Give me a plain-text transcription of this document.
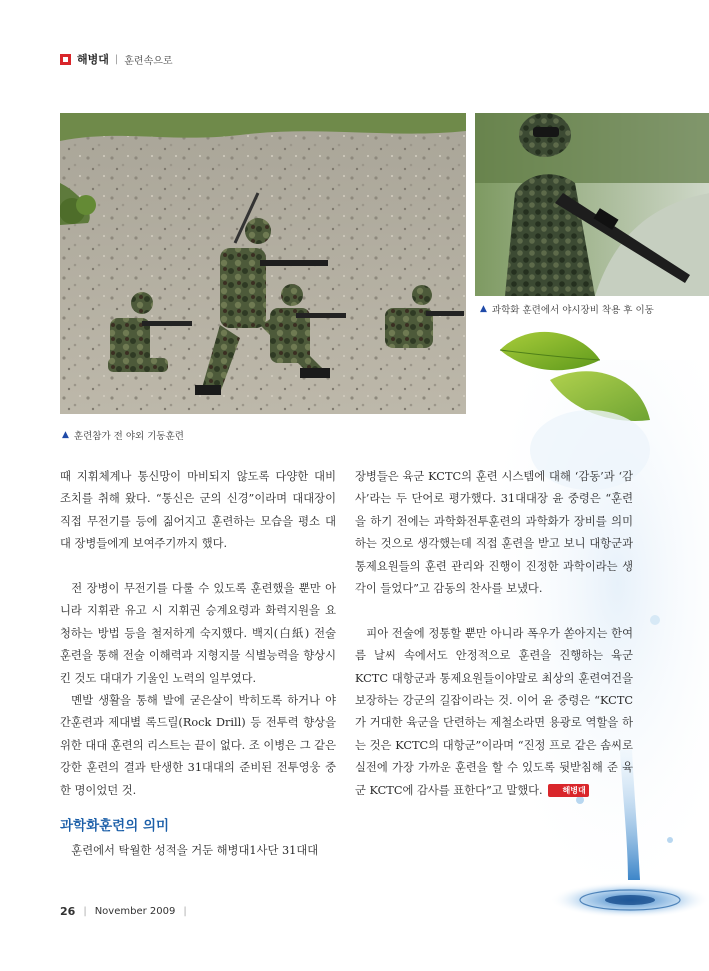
해병대 | 훈련속으로
▲ 훈련참가 전 야외 기동훈련
▲ 과학화 훈련에서 야시장비 착용 후 이동

때 지휘체계나 통신망이 마비되지 않도록 다양한 대비 조치를 취해 왔다. “통신은 군의 신경”이라며 대대장이 직접 무전기를 등에 짊어지고 훈련하는 모습을 평소 대대 장병들에게 보여주기까지 했다.

전 장병이 무전기를 다룰 수 있도록 훈련했을 뿐만 아니라 지휘관 유고 시 지휘권 승계요령과 화력지원을 요청하는 방법 등을 철저하게 숙지했다. 백지(白紙) 전술 훈련을 통해 전술 이해력과 지형지물 식별능력을 향상시킨 것도 대대가 기울인 노력의 일부였다.

몐발 생활을 통해 발에 굳은살이 박히도록 하거나 야간훈련과 제대별 록드릴(Rock Drill) 등 전투력 향상을 위한 대대 훈련의 리스트는 끝이 없다. 조 이병은 그 같은 강한 훈련의 결과 탄생한 31대대의 준비된 전투영웅 중 한 명이었던 것.

과학화훈련의 의미

훈련에서 탁월한 성적을 거둔 해병대1사단 31대대

장병들은 육군 KCTC의 훈련 시스템에 대해 ‘감동’과 ‘감사’라는 두 단어로 평가했다. 31대대장 윤 중령은 “훈련을 하기 전에는 과학화전투훈련의 과학화가 장비를 의미하는 것으로 생각했는데 직접 훈련을 받고 보니 대항군과 통제요원들의 훈련 관리와 진행이 진정한 과학이라는 생각이 들었다”고 감동의 찬사를 보냈다.

피아 전술에 정통할 뿐만 아니라 폭우가 쏟아지는 한여름 날씨 속에서도 안정적으로 훈련을 진행하는 육군 KCTC 대항군과 통제요원들이야말로 최상의 훈련여건을 보장하는 강군의 길잡이라는 것. 이어 윤 중령은 “KCTC가 거대한 육군을 단련하는 제철소라면 용광로 역할을 하는 것은 KCTC의 대항군”이라며 “진정 프로 같은 솜씨로 실전에 가장 가까운 훈련을 할 수 있도록 뒷받침해 준 육군 KCTC에 감사를 표한다”고 말했다. 해병대

26 | November 2009 |
